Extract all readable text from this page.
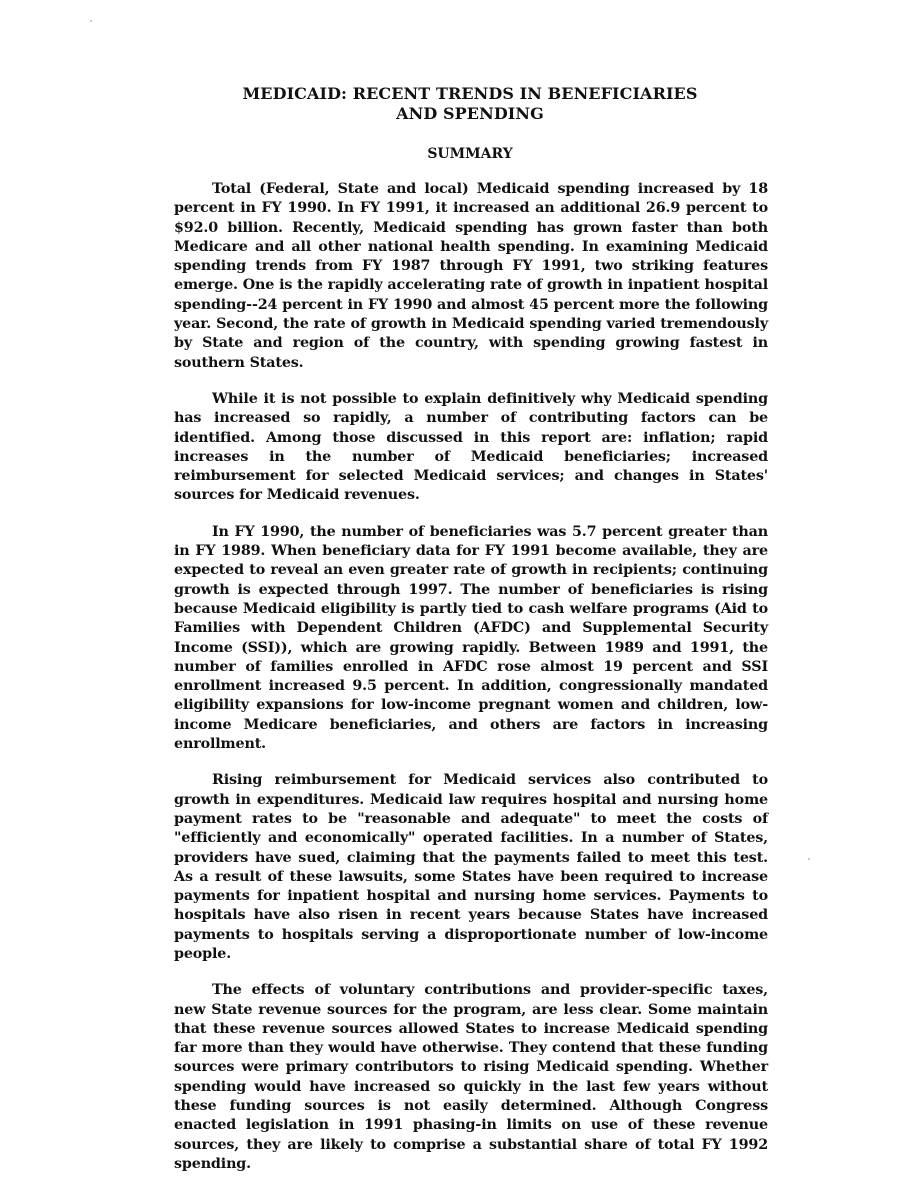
MEDICAID: RECENT TRENDS IN BENEFICIARIES
AND SPENDING
SUMMARY

Total (Federal, State and local) Medicaid spending increased by 18 percent in FY 1990. In FY 1991, it increased an additional 26.9 percent to $92.0 billion. Recently, Medicaid spending has grown faster than both Medicare and all other national health spending. In examining Medicaid spending trends from FY 1987 through FY 1991, two striking features emerge. One is the rapidly accelerating rate of growth in inpatient hospital spending--24 percent in FY 1990 and almost 45 percent more the following year. Second, the rate of growth in Medicaid spending varied tremendously by State and region of the country, with spending growing fastest in southern States.

While it is not possible to explain definitively why Medicaid spending has increased so rapidly, a number of contributing factors can be identified. Among those discussed in this report are: inflation; rapid increases in the number of Medicaid beneficiaries; increased reimbursement for selected Medicaid services; and changes in States' sources for Medicaid revenues.

In FY 1990, the number of beneficiaries was 5.7 percent greater than in FY 1989. When beneficiary data for FY 1991 become available, they are expected to reveal an even greater rate of growth in recipients; continuing growth is expected through 1997. The number of beneficiaries is rising because Medicaid eligibility is partly tied to cash welfare programs (Aid to Families with Dependent Children (AFDC) and Supplemental Security Income (SSI)), which are growing rapidly. Between 1989 and 1991, the number of families enrolled in AFDC rose almost 19 percent and SSI enrollment increased 9.5 percent. In addition, congressionally mandated eligibility expansions for low-income pregnant women and children, low-income Medicare beneficiaries, and others are factors in increasing enrollment.

Rising reimbursement for Medicaid services also contributed to growth in expenditures. Medicaid law requires hospital and nursing home payment rates to be "reasonable and adequate" to meet the costs of "efficiently and economically" operated facilities. In a number of States, providers have sued, claiming that the payments failed to meet this test. As a result of these lawsuits, some States have been required to increase payments for inpatient hospital and nursing home services. Payments to hospitals have also risen in recent years because States have increased payments to hospitals serving a disproportionate number of low-income people.

The effects of voluntary contributions and provider-specific taxes, new State revenue sources for the program, are less clear. Some maintain that these revenue sources allowed States to increase Medicaid spending far more than they would have otherwise. They contend that these funding sources were primary contributors to rising Medicaid spending. Whether spending would have increased so quickly in the last few years without these funding sources is not easily determined. Although Congress enacted legislation in 1991 phasing-in limits on use of these revenue sources, they are likely to comprise a substantial share of total FY 1992 spending.
